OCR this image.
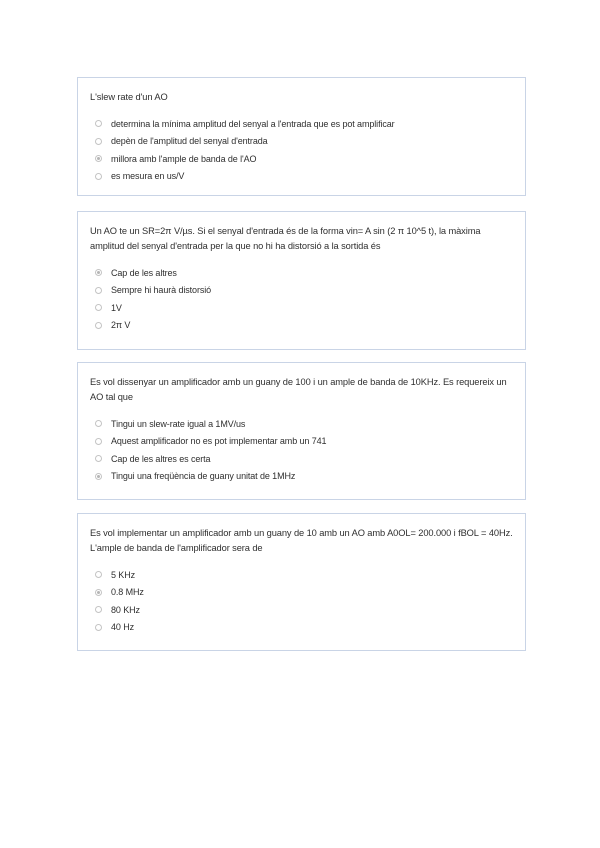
L'slew rate d'un AO

determina la mínima amplitud del senyal a l'entrada que es pot amplificar
depèn de l'amplitud del senyal d'entrada
millora amb l'ample de banda de l'AO
es mesura en us/V

Un AO te un SR=2π V/µs. Si el senyal d'entrada és de la forma vin= A sin (2 π 10^5 t), la màxima amplitud del senyal d'entrada per la que no hi ha distorsió a la sortida és

Cap de les altres
Sempre hi haurà distorsió
1V
2π V

Es vol dissenyar un amplificador amb un guany de 100 i un ample de banda de 10KHz. Es requereix un AO tal que

Tingui un slew-rate igual a 1MV/us
Aquest amplificador no es pot implementar amb un 741
Cap de les altres es certa
Tingui una freqüència de guany unitat de 1MHz

Es vol implementar un amplificador amb un guany de 10 amb un AO amb A0OL= 200.000 i fBOL = 40Hz. L'ample de banda de l'amplificador sera de

5 KHz
0.8 MHz
80 KHz
40 Hz
